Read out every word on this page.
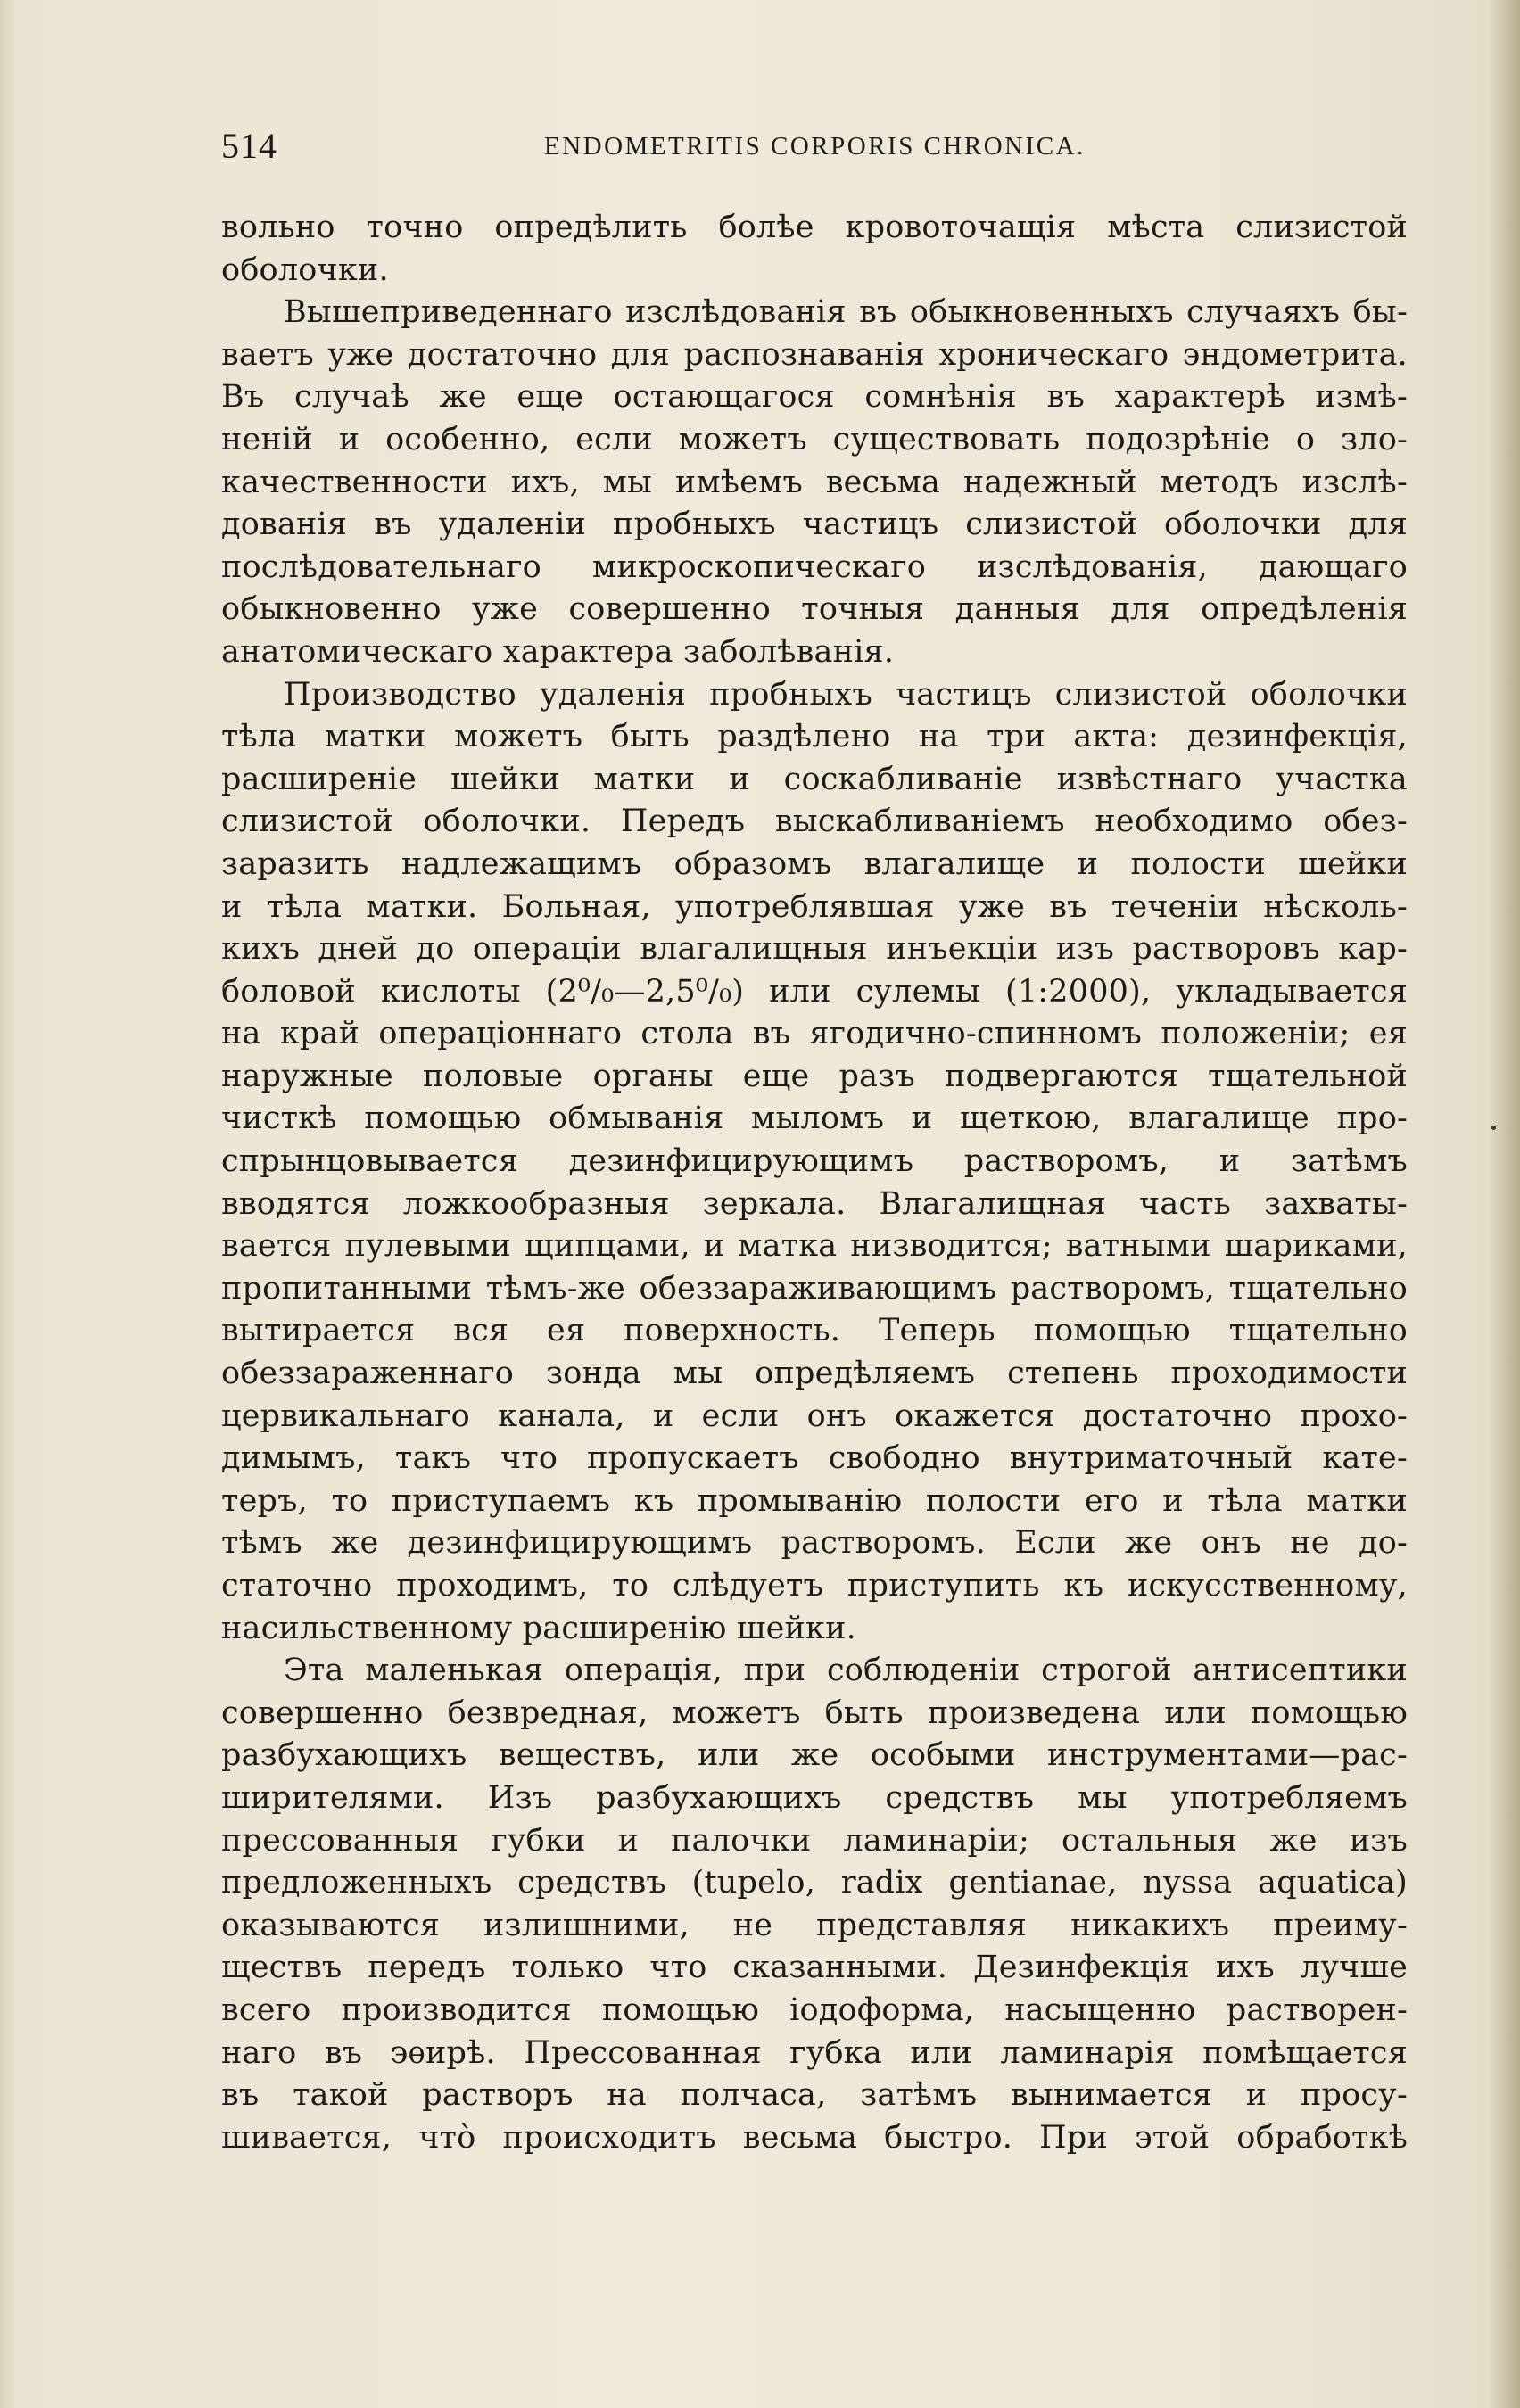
514	ENDOMETRITIS CORPORIS CHRONICA.
вольно точно опредѣлить болѣе кровоточащія мѣста слизистой
оболочки.
Вышеприведеннаго изслѣдованія въ обыкновенныхъ случаяхъ бы-
ваетъ уже достаточно для распознаванія хроническаго эндометрита.
Въ случаѣ же еще остающагося сомнѣнія въ характерѣ измѣ-
неній и особенно, если можетъ существовать подозрѣніе о зло-
качественности ихъ, мы имѣемъ весьма надежный методъ изслѣ-
дованія въ удаленіи пробныхъ частицъ слизистой оболочки для
послѣдовательнаго микроскопическаго изслѣдованія, дающаго
обыкновенно уже совершенно точныя данныя для опредѣленія
анатомическаго характера заболѣванія.
Производство удаленія пробныхъ частицъ слизистой оболочки
тѣла матки можетъ быть раздѣлено на три акта: дезинфекція,
расширеніе шейки матки и соскабливаніе извѣстнаго участка
слизистой оболочки. Передъ выскабливаніемъ необходимо обез-
заразить надлежащимъ образомъ влагалище и полости шейки
и тѣла матки. Больная, употреблявшая уже въ теченіи нѣсколь-
кихъ дней до операціи влагалищныя инъекціи изъ растворовъ кар-
боловой кислоты (2⁰/₀—2,5⁰/₀) или сулемы (1:2000), укладывается
на край операціоннаго стола въ ягодично-спинномъ положеніи; ея
наружные половые органы еще разъ подвергаются тщательной
чисткѣ помощью обмыванія мыломъ и щеткою, влагалище про-
спрынцовывается дезинфицирующимъ растворомъ, и затѣмъ
вводятся ложкообразныя зеркала. Влагалищная часть захваты-
вается пулевыми щипцами, и матка низводится; ватными шариками,
пропитанными тѣмъ-же обеззараживающимъ растворомъ, тщательно
вытирается вся ея поверхность. Теперь помощью тщательно
обеззараженнаго зонда мы опредѣляемъ степень проходимости
цервикальнаго канала, и если онъ окажется достаточно прохо-
димымъ, такъ что пропускаетъ свободно внутриматочный кате-
теръ, то приступаемъ къ промыванію полости его и тѣла матки
тѣмъ же дезинфицирующимъ растворомъ. Если же онъ не до-
статочно проходимъ, то слѣдуетъ приступить къ искусственному,
насильственному расширенію шейки.
Эта маленькая операція, при соблюденіи строгой антисептики
совершенно безвредная, можетъ быть произведена или помощью
разбухающихъ веществъ, или же особыми инструментами—рас-
ширителями. Изъ разбухающихъ средствъ мы употребляемъ
прессованныя губки и палочки ламинаріи; остальныя же изъ
предложенныхъ средствъ (tupelo, radix gentianae, nyssa aquatica)
оказываются излишними, не представляя никакихъ преиму-
ществъ передъ только что сказанными. Дезинфекція ихъ лучше
всего производится помощью іодоформа, насыщенно растворен-
наго въ эѳирѣ. Прессованная губка или ламинарія помѣщается
въ такой растворъ на полчаса, затѣмъ вынимается и просу-
шивается, что̀ происходитъ весьма быстро. При этой обработкѣ
